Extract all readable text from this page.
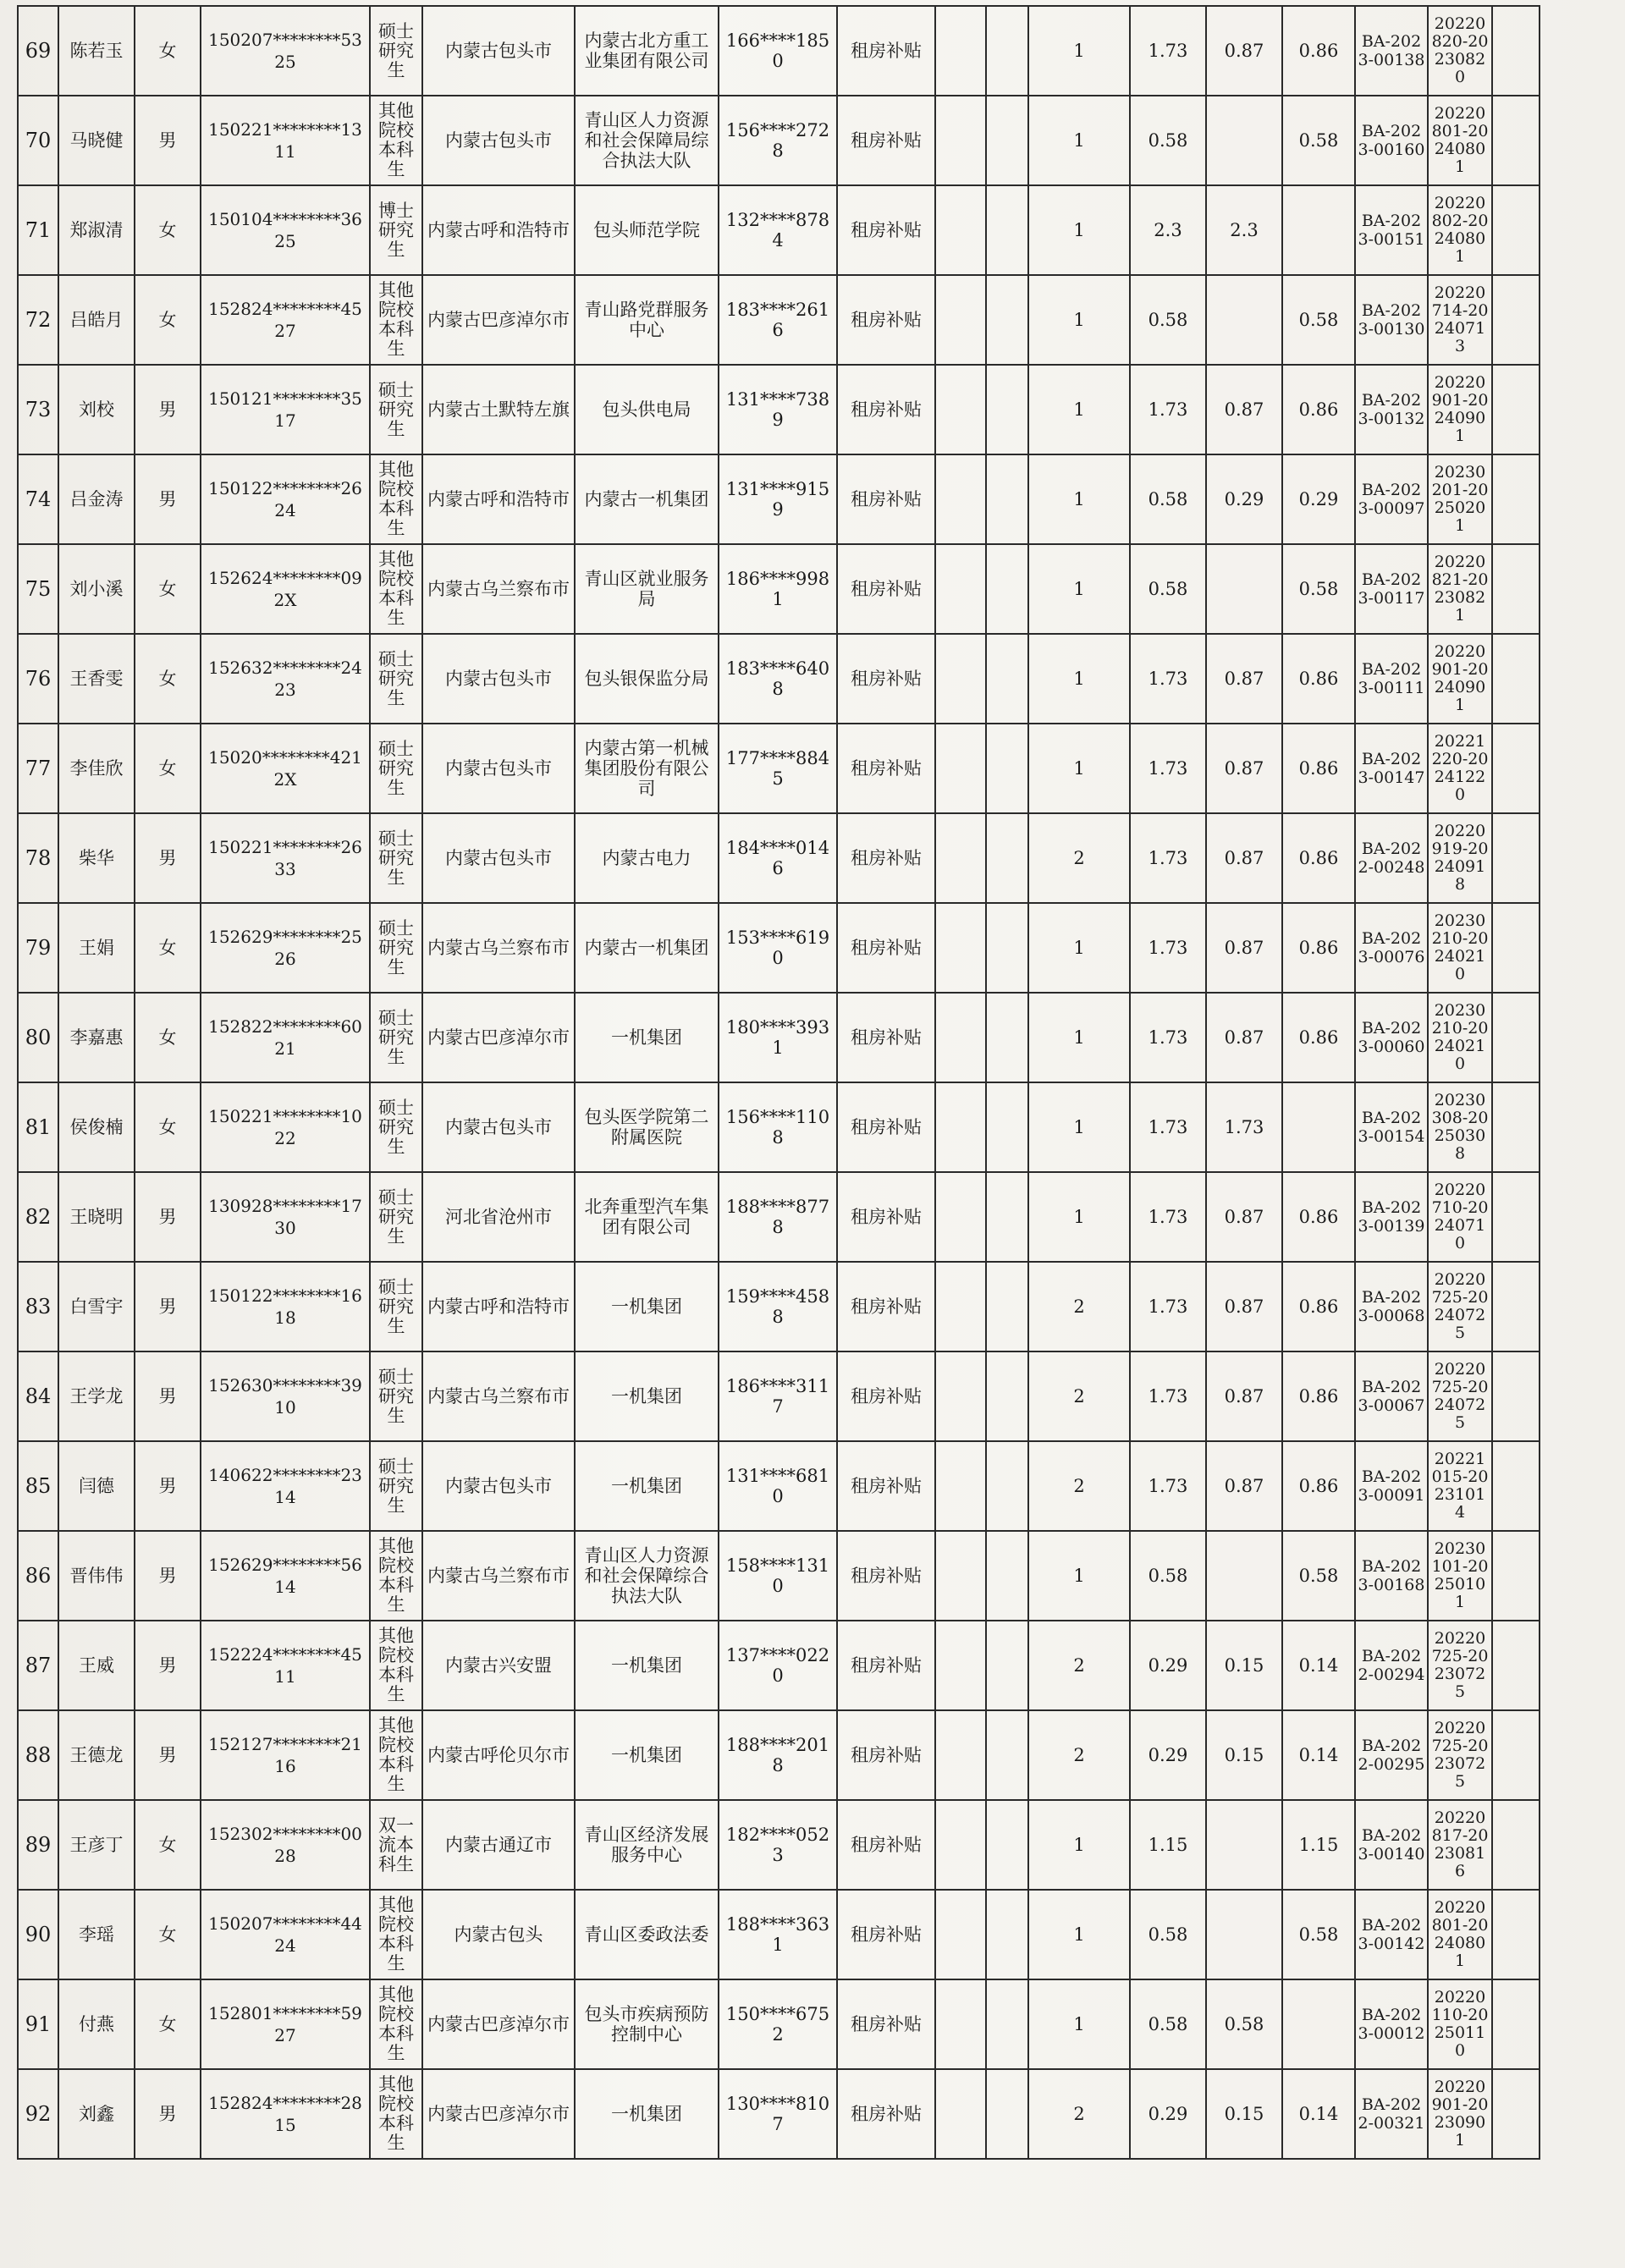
69	陈若玉	女	150207********5325	硕士研究生	内蒙古包头市	内蒙古北方重工业集团有限公司	166****1850	租房补贴			1	1.73	0.87	0.86	BA-2023-00138	20220820-20230820	
70	马晓健	男	150221********1311	其他院校本科生	内蒙古包头市	青山区人力资源和社会保障局综合执法大队	156****2728	租房补贴			1	0.58		0.58	BA-2023-00160	20220801-20240801	
71	郑淑清	女	150104********3625	博士研究生	内蒙古呼和浩特市	包头师范学院	132****8784	租房补贴			1	2.3	2.3		BA-2023-00151	20220802-20240801	
72	吕皓月	女	152824********4527	其他院校本科生	内蒙古巴彦淖尔市	青山路党群服务中心	183****2616	租房补贴			1	0.58		0.58	BA-2023-00130	20220714-20240713	
73	刘校	男	150121********3517	硕士研究生	内蒙古土默特左旗	包头供电局	131****7389	租房补贴			1	1.73	0.87	0.86	BA-2023-00132	20220901-20240901	
74	吕金涛	男	150122********2624	其他院校本科生	内蒙古呼和浩特市	内蒙古一机集团	131****9159	租房补贴			1	0.58	0.29	0.29	BA-2023-00097	20230201-20250201	
75	刘小溪	女	152624********092X	其他院校本科生	内蒙古乌兰察布市	青山区就业服务局	186****9981	租房补贴			1	0.58		0.58	BA-2023-00117	20220821-20230821	
76	王香雯	女	152632********2423	硕士研究生	内蒙古包头市	包头银保监分局	183****6408	租房补贴			1	1.73	0.87	0.86	BA-2023-00111	20220901-20240901	
77	李佳欣	女	15020********4212X	硕士研究生	内蒙古包头市	内蒙古第一机械集团股份有限公司	177****8845	租房补贴			1	1.73	0.87	0.86	BA-2023-00147	20221220-20241220	
78	柴华	男	150221********2633	硕士研究生	内蒙古包头市	内蒙古电力	184****0146	租房补贴			2	1.73	0.87	0.86	BA-2022-00248	20220919-20240918	
79	王娟	女	152629********2526	硕士研究生	内蒙古乌兰察布市	内蒙古一机集团	153****6190	租房补贴			1	1.73	0.87	0.86	BA-2023-00076	20230210-20240210	
80	李嘉惠	女	152822********6021	硕士研究生	内蒙古巴彦淖尔市	一机集团	180****3931	租房补贴			1	1.73	0.87	0.86	BA-2023-00060	20230210-20240210	
81	侯俊楠	女	150221********1022	硕士研究生	内蒙古包头市	包头医学院第二附属医院	156****1108	租房补贴			1	1.73	1.73		BA-2023-00154	20230308-20250308	
82	王晓明	男	130928********1730	硕士研究生	河北省沧州市	北奔重型汽车集团有限公司	188****8778	租房补贴			1	1.73	0.87	0.86	BA-2023-00139	20220710-20240710	
83	白雪宇	男	150122********1618	硕士研究生	内蒙古呼和浩特市	一机集团	159****4588	租房补贴			2	1.73	0.87	0.86	BA-2023-00068	20220725-20240725	
84	王学龙	男	152630********3910	硕士研究生	内蒙古乌兰察布市	一机集团	186****3117	租房补贴			2	1.73	0.87	0.86	BA-2023-00067	20220725-20240725	
85	闫德	男	140622********2314	硕士研究生	内蒙古包头市	一机集团	131****6810	租房补贴			2	1.73	0.87	0.86	BA-2023-00091	20221015-20231014	
86	晋伟伟	男	152629********5614	其他院校本科生	内蒙古乌兰察布市	青山区人力资源和社会保障综合执法大队	158****1310	租房补贴			1	0.58		0.58	BA-2023-00168	20230101-20250101	
87	王威	男	152224********4511	其他院校本科生	内蒙古兴安盟	一机集团	137****0220	租房补贴			2	0.29	0.15	0.14	BA-2022-00294	20220725-20230725	
88	王德龙	男	152127********2116	其他院校本科生	内蒙古呼伦贝尔市	一机集团	188****2018	租房补贴			2	0.29	0.15	0.14	BA-2022-00295	20220725-20230725	
89	王彦丁	女	152302********0028	双一流本科生	内蒙古通辽市	青山区经济发展服务中心	182****0523	租房补贴			1	1.15		1.15	BA-2023-00140	20220817-20230816	
90	李瑶	女	150207********4424	其他院校本科生	内蒙古包头	青山区委政法委	188****3631	租房补贴			1	0.58		0.58	BA-2023-00142	20220801-20240801	
91	付燕	女	152801********5927	其他院校本科生	内蒙古巴彦淖尔市	包头市疾病预防控制中心	150****6752	租房补贴			1	0.58	0.58		BA-2023-00012	20220110-20250110	
92	刘鑫	男	152824********2815	其他院校本科生	内蒙古巴彦淖尔市	一机集团	130****8107	租房补贴			2	0.29	0.15	0.14	BA-2022-00321	20220901-20230901	
